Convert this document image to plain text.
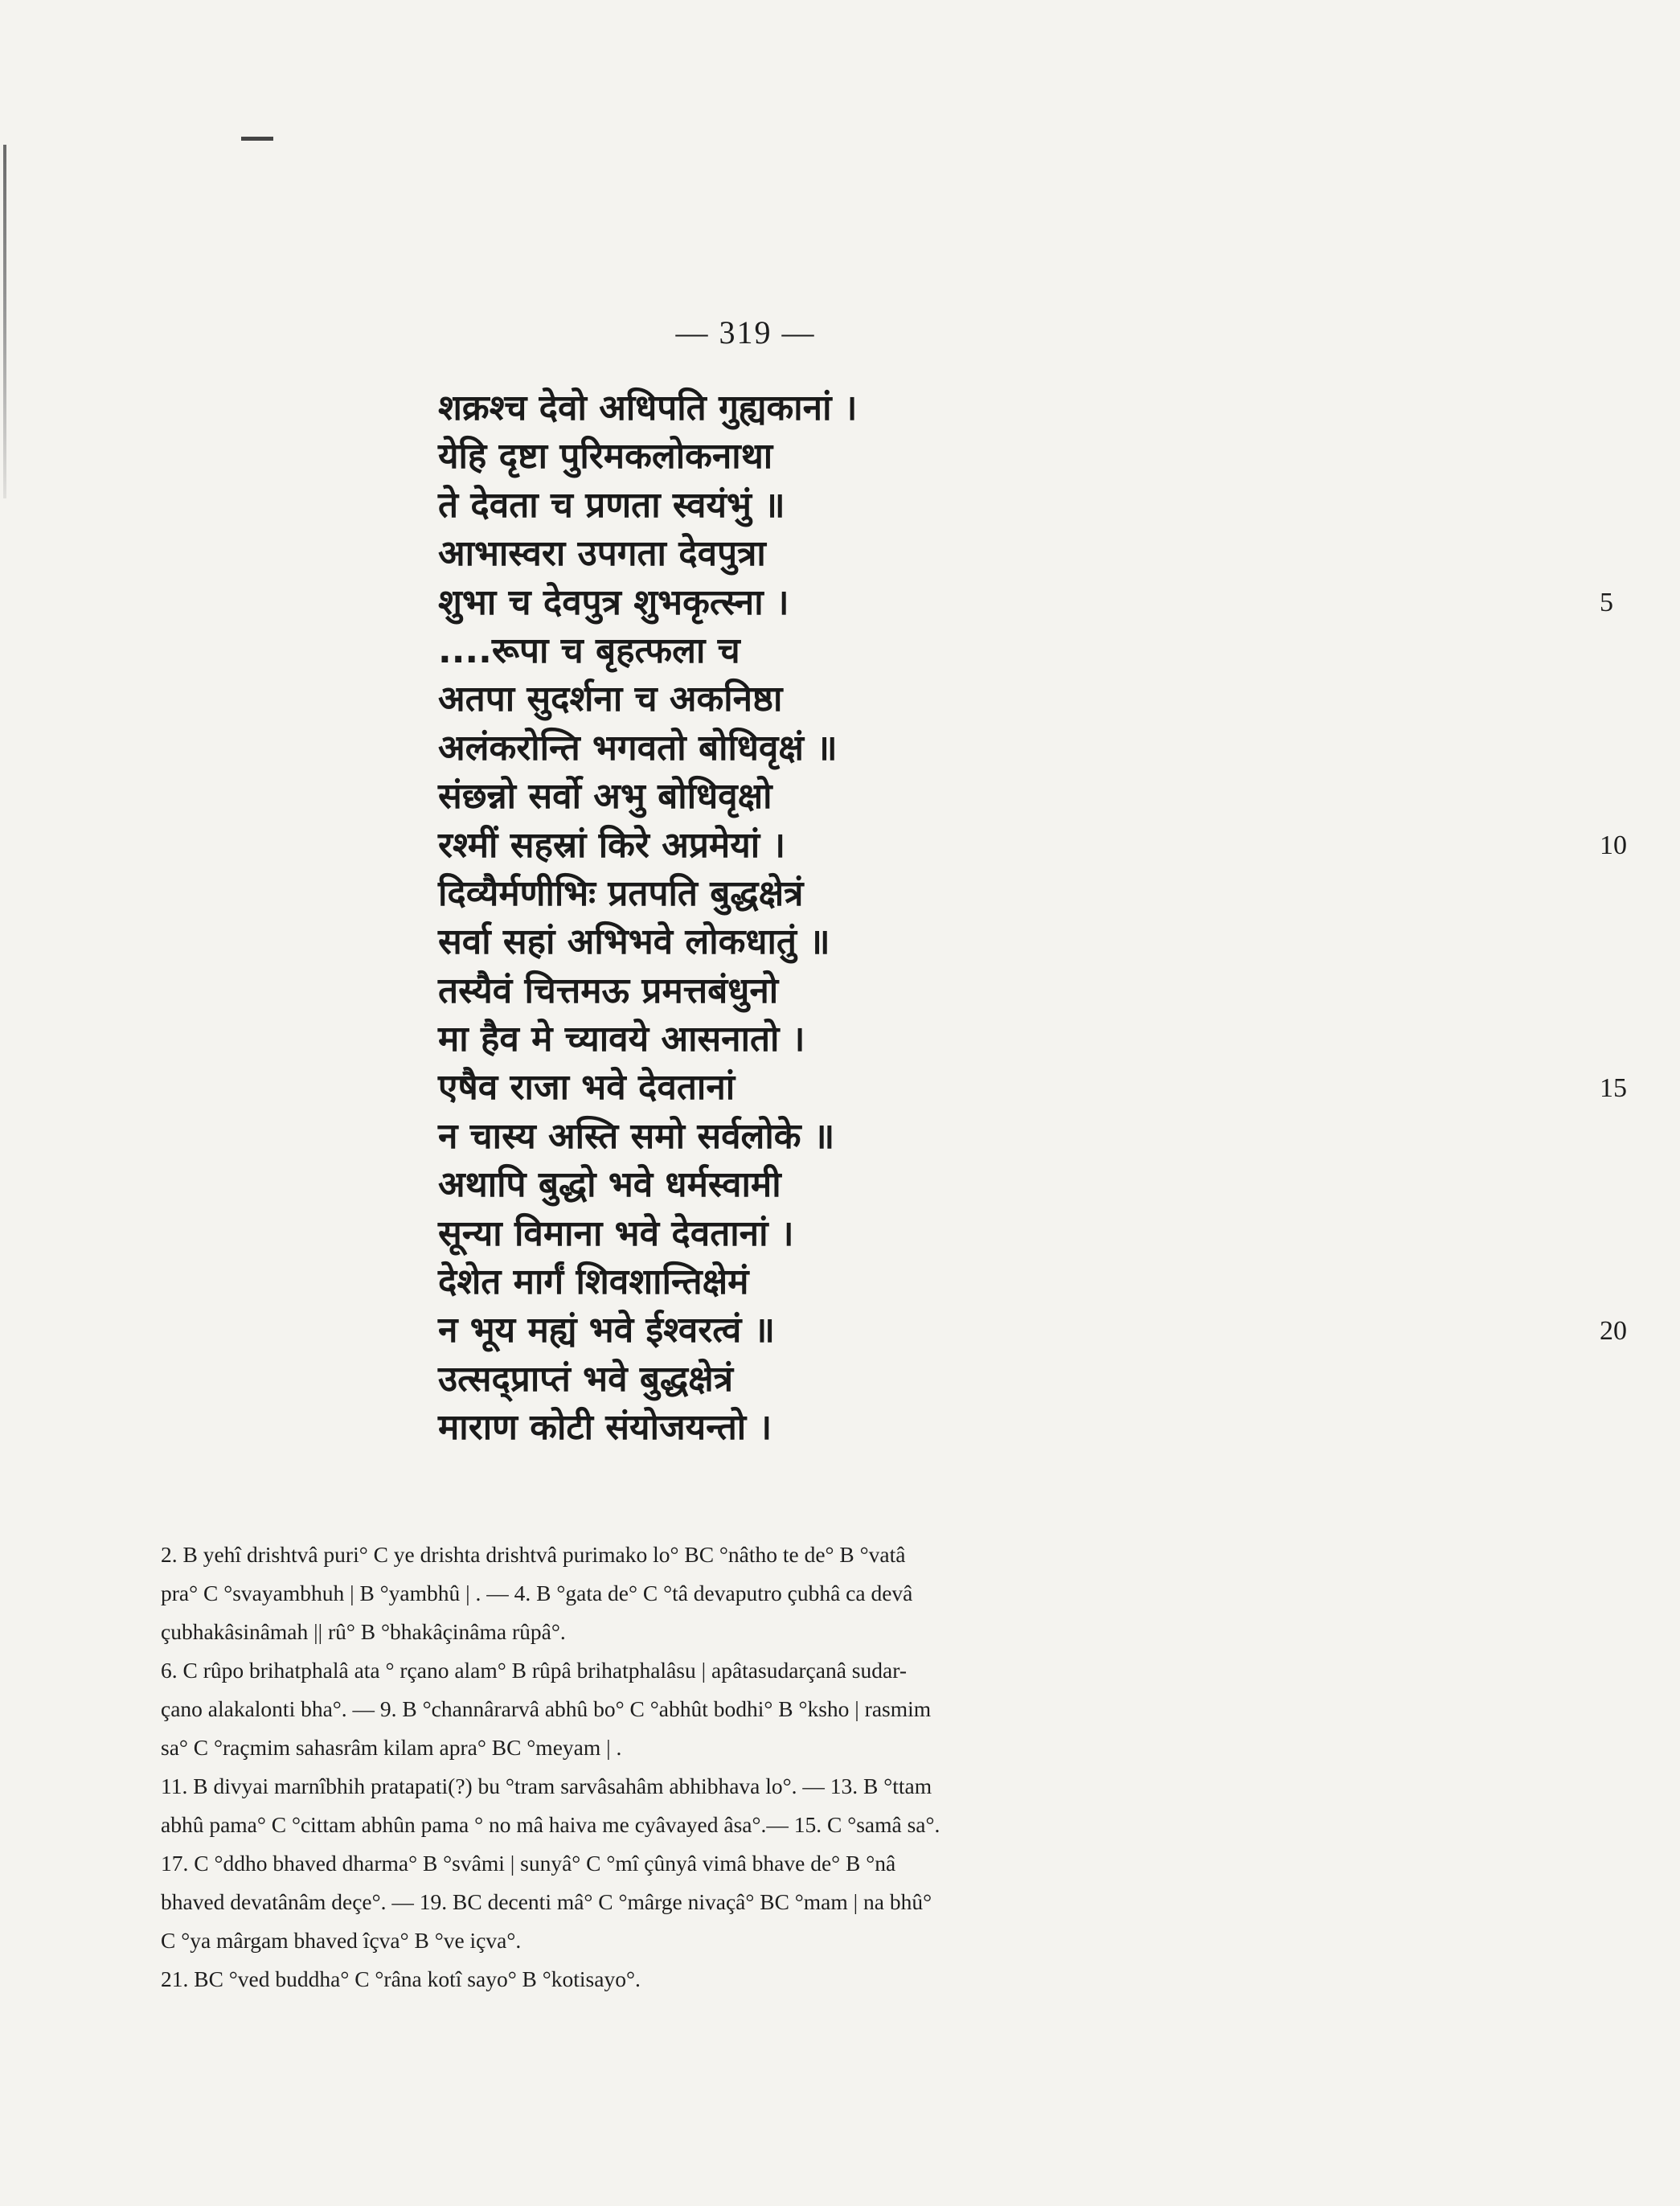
— 319 —
शक्रश्च देवो अधिपति गुह्यकानां ।
येहि दृष्टा पुरिमकलोकनाथा
ते देवता च प्रणता स्वयंभुं ॥
आभास्वरा उपगता देवपुत्रा
शुभा च देवपुत्र शुभकृत्स्ना ।
....रूपा च बृहत्फला च
अतपा सुदर्शना च अकनिष्ठा
अलंकरोन्ति भगवतो बोधिवृक्षं ॥
संछन्नो सर्वो अभु बोधिवृक्षो
रश्मीं सहस्रां किरे अप्रमेयां ।
दिव्यैर्मणीभिः प्रतपति बुद्धक्षेत्रं
सर्वा सहां अभिभवे लोकधातुं ॥
तस्यैवं चित्तमऊ प्रमत्तबंधुनो
मा हैव मे च्यावये आसनातो ।
एषैव राजा भवे देवतानां
न चास्य अस्ति समो सर्वलोके ॥
अथापि बुद्धो भवे धर्मस्वामी
सून्या विमाना भवे देवतानां ।
देशेत मार्गं शिवशान्तिक्षेमं
न भूय मह्यं भवे ईश्वरत्वं ॥
उत्सद्प्राप्तं भवे बुद्धक्षेत्रं
माराण कोटी संयोजयन्तो ।
5
10
15
20
2. B yehî drishtvâ puri° C ye drishta drishtvâ purimako lo° BC °nâtho te de° B °vatâ
pra° C °svayambhuh | B °yambhû | . — 4. B °gata de° C °tâ devaputro çubhâ ca devâ
çubhakâsinâmah || rû° B °bhakâçinâma rûpâ°.
6. C rûpo brihatphalâ ata ° rçano alam° B rûpâ brihatphalâsu | apâtasudarçanâ sudar-
çano alakalonti bha°. — 9. B °channârarvâ abhû bo° C °abhût bodhi° B °ksho | rasmim
sa° C °raçmim sahasrâm kilam apra° BC °meyam | .
11. B divyai marnîbhih pratapati(?) bu °tram sarvâsahâm abhibhava lo°. — 13. B °ttam
abhû pama° C °cittam abhûn pama ° no mâ haiva me cyâvayed âsa°.— 15. C °samâ sa°.
17. C °ddho bhaved dharma° B °svâmi | sunyâ° C °mî çûnyâ vimâ bhave de° B °nâ
bhaved devatânâm deçe°. — 19. BC decenti mâ° C °mârge nivaçâ° BC °mam | na bhû°
C °ya mârgam bhaved îçva° B °ve içva°.
21. BC °ved buddha° C °râna kotî sayo° B °kotisayo°.
